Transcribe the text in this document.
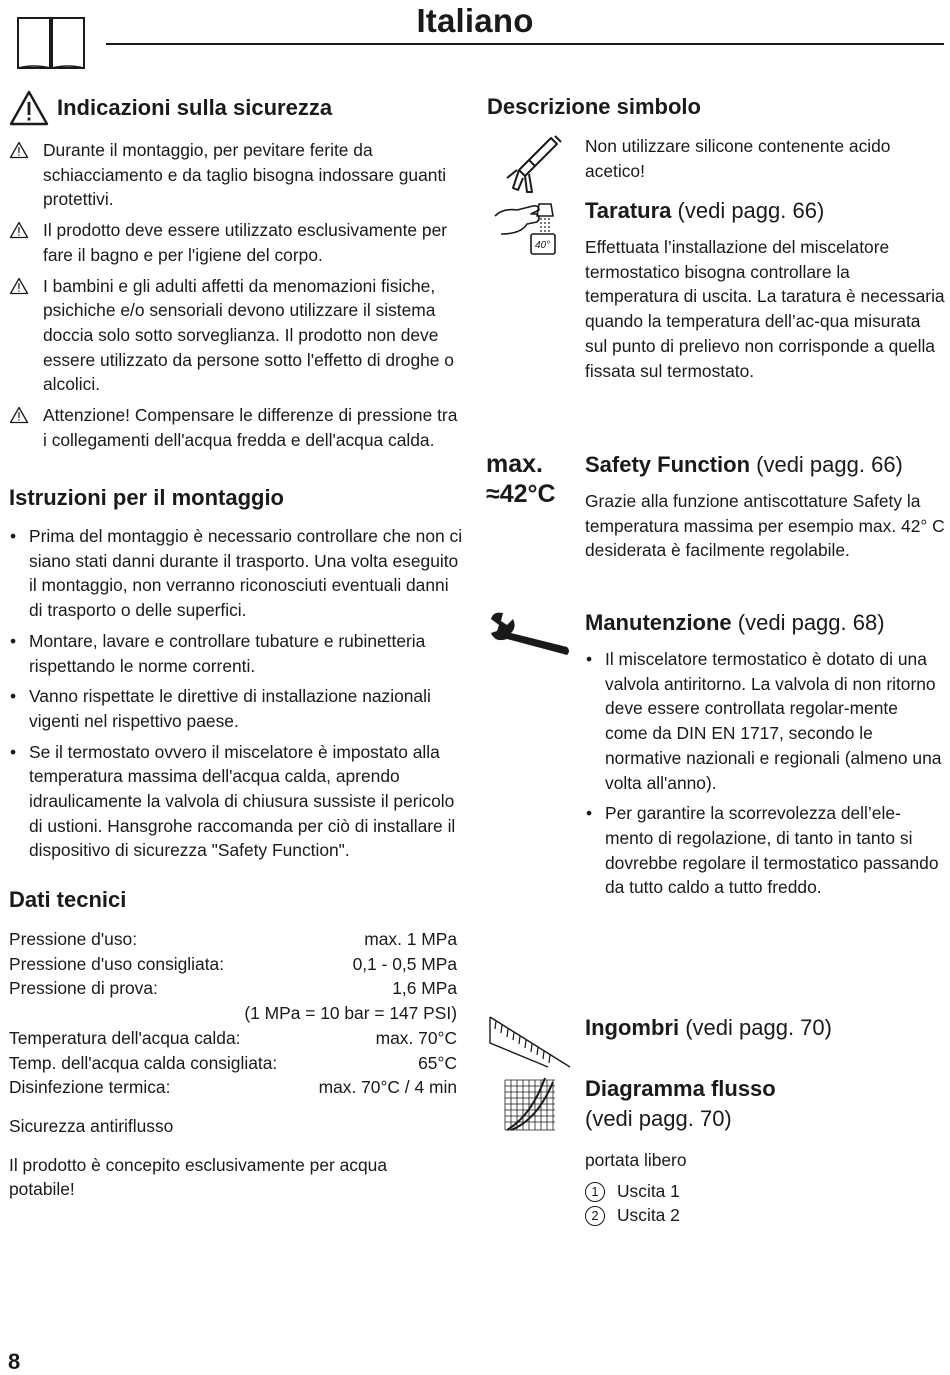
Italiano
Indicazioni sulla sicurezza
Durante il montaggio, per pevitare ferite da schiacciamento e da taglio bisogna indossare guanti protettivi.
Il prodotto deve essere utilizzato esclusivamente per fare il bagno e per l'igiene del corpo.
I bambini e gli adulti affetti da menomazioni fisiche, psichiche e/o sensoriali devono utilizzare il sistema doccia solo sotto sorveglianza. Il prodotto non deve essere utilizzato da persone sotto l'effetto di droghe o alcolici.
Attenzione! Compensare le differenze di pressione tra i collegamenti dell'acqua fredda e dell'acqua calda.
Istruzioni per il montaggio
• Prima del montaggio è necessario controllare che non ci siano stati danni durante il trasporto. Una volta eseguito il montaggio, non verranno riconosciuti eventuali danni di trasporto o delle superfici.
• Montare, lavare e controllare tubature e rubinetteria rispettando le norme correnti.
• Vanno rispettate le direttive di installazione nazionali vigenti nel rispettivo paese.
• Se il termostato ovvero il miscelatore è impostato alla temperatura massima dell'acqua calda, aprendo idraulicamente la valvola di chiusura sussiste il pericolo di ustioni. Hansgrohe raccomanda per ciò di installare il dispositivo di sicurezza "Safety Function".
Dati tecnici
Pressione d'uso:	max. 1 MPa
Pressione d'uso consigliata:	0,1 - 0,5 MPa
Pressione di prova:	1,6 MPa
(1 MPa = 10 bar = 147 PSI)
Temperatura dell'acqua calda:	max. 70°C
Temp. dell'acqua calda consigliata:	65°C
Disinfezione termica:	max. 70°C / 4 min
Sicurezza antiriflusso
Il prodotto è concepito esclusivamente per acqua potabile!
8
Descrizione simbolo
Non utilizzare silicone contenente acido acetico!
40°
Taratura (vedi pagg. 66)
Effettuata l’installazione del miscelatore termostatico bisogna controllare la temperatura di uscita. La taratura è necessaria quando la temperatura dell’ac-qua misurata sul punto di prelievo non corrisponde a quella fissata sul termostato.
max.
≈42°C
Safety Function (vedi pagg. 66)
Grazie alla funzione antiscottature Safety la temperatura massima per esempio max. 42° C desiderata è facilmente regolabile.
Manutenzione (vedi pagg. 68)
• Il miscelatore termostatico è dotato di una valvola antiritorno. La valvola di non ritorno deve essere controllata regolar-mente come da DIN EN 1717, secondo le normative nazionali e regionali (almeno una volta all'anno).
• Per garantire la scorrevolezza dell’ele-mento di regolazione, di tanto in tanto si dovrebbe regolare il termostatico passando da tutto caldo a tutto freddo.
Ingombri (vedi pagg. 70)
Diagramma flusso
(vedi pagg. 70)
portata libero
1 Uscita 1
2 Uscita 2
